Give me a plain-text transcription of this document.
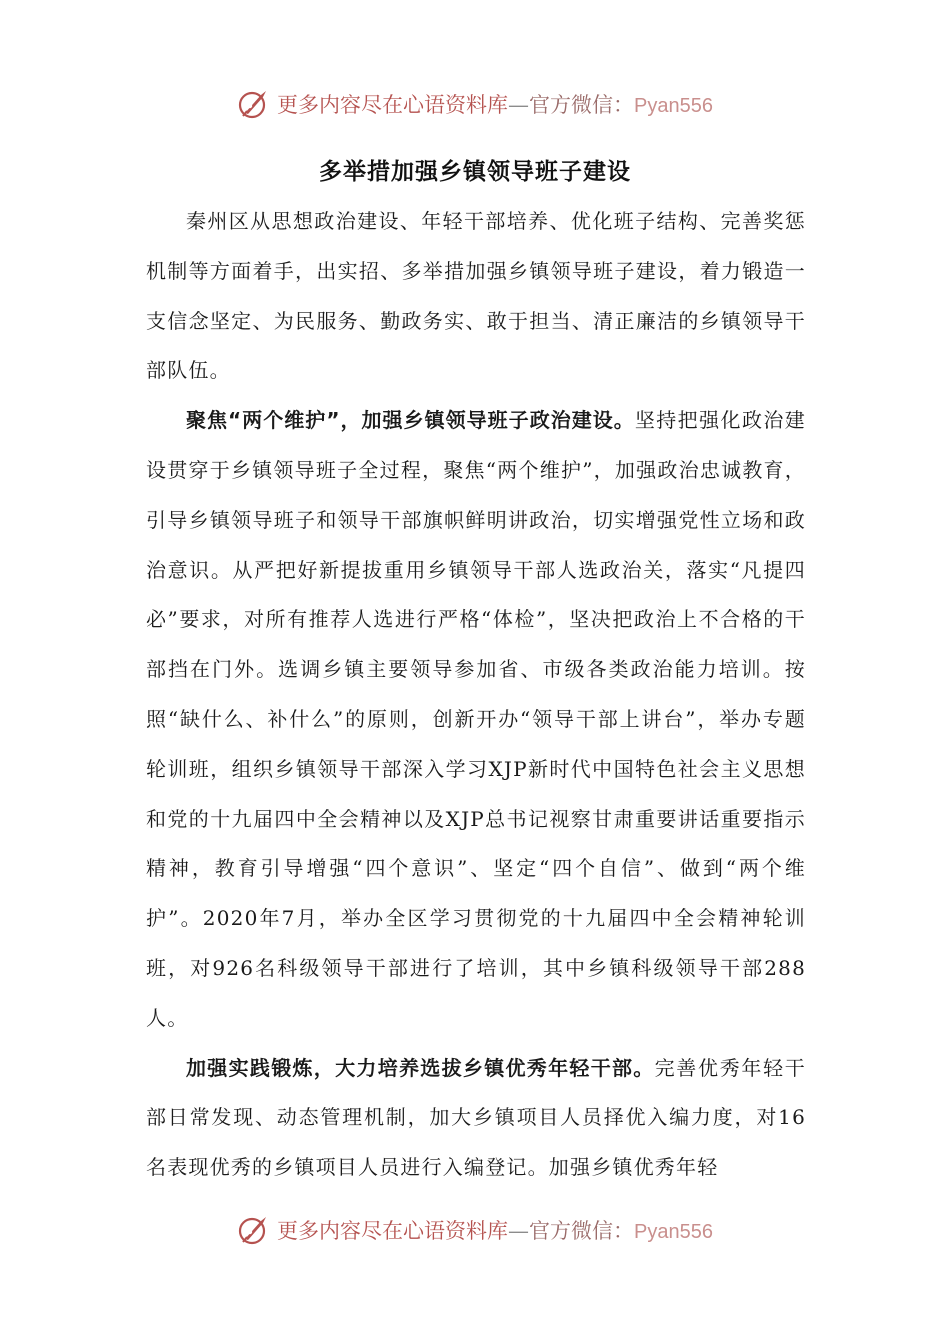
更多内容尽在心语资料库—官方微信：Pyan556
多举措加强乡镇领导班子建设

秦州区从思想政治建设、年轻干部培养、优化班子结构、完善奖惩机制等方面着手，出实招、多举措加强乡镇领导班子建设，着力锻造一支信念坚定、为民服务、勤政务实、敢于担当、清正廉洁的乡镇领导干部队伍。

聚焦“两个维护”，加强乡镇领导班子政治建设。坚持把强化政治建设贯穿于乡镇领导班子全过程，聚焦“两个维护”，加强政治忠诚教育，引导乡镇领导班子和领导干部旗帜鲜明讲政治，切实增强党性立场和政治意识。从严把好新提拔重用乡镇领导干部人选政治关，落实“凡提四必”要求，对所有推荐人选进行严格“体检”，坚决把政治上不合格的干部挡在门外。选调乡镇主要领导参加省、市级各类政治能力培训。按照“缺什么、补什么”的原则，创新开办“领导干部上讲台”，举办专题轮训班，组织乡镇领导干部深入学习XJP新时代中国特色社会主义思想和党的十九届四中全会精神以及XJP总书记视察甘肃重要讲话重要指示精神，教育引导增强“四个意识”、坚定“四个自信”、做到“两个维护”。2020年7月，举办全区学习贯彻党的十九届四中全会精神轮训班，对926名科级领导干部进行了培训，其中乡镇科级领导干部288人。

加强实践锻炼，大力培养选拔乡镇优秀年轻干部。完善优秀年轻干部日常发现、动态管理机制，加大乡镇项目人员择优入编力度，对16名表现优秀的乡镇项目人员进行入编登记。加强乡镇优秀年轻

更多内容尽在心语资料库—官方微信：Pyan556
